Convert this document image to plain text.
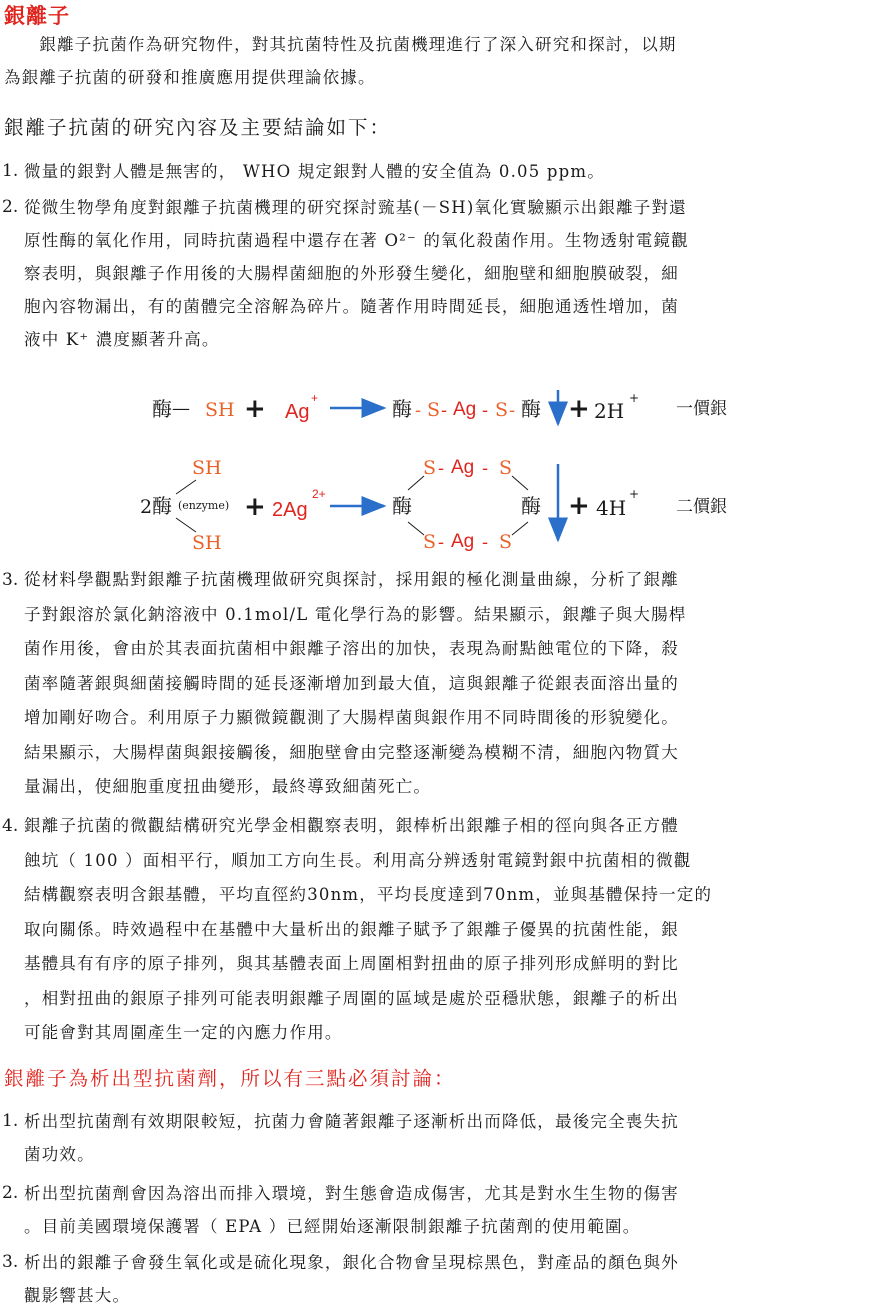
銀離子
　　銀離子抗菌作為研究物件，對其抗菌特性及抗菌機理進行了深入研究和探討，以期
為銀離子抗菌的研發和推廣應用提供理論依據。
銀離子抗菌的研究內容及主要結論如下：
1. 微量的銀對人體是無害的， WHO 規定銀對人體的安全值為 0.05 ppm。
2. 從微生物學角度對銀離子抗菌機理的研究探討巰基(－SH)氧化實驗顯示出銀離子對還
原性酶的氧化作用，同時抗菌過程中還存在著 O²⁻ 的氧化殺菌作用。生物透射電鏡觀
察表明，與銀離子作用後的大腸桿菌細胞的外形發生變化，細胞壁和細胞膜破裂，細
胞內容物漏出，有的菌體完全溶解為碎片。隨著作用時間延長，細胞通透性增加，菌
液中 K⁺ 濃度顯著升高。
酶 — SH + Ag
+	酶 - S - Ag - S - 酶 + 2H
+
一價銀
SH
2 酶 (enzyme)
SH
+ 2Ag
2+	酶	酶
S - Ag - S
S - Ag - S
+ 4H
+
二價銀
3. 從材料學觀點對銀離子抗菌機理做研究與探討，採用銀的極化測量曲線，分析了銀離
子對銀溶於氯化鈉溶液中 0.1mol/L 電化學行為的影響。結果顯示，銀離子與大腸桿
菌作用後，會由於其表面抗菌相中銀離子溶出的加快，表現為耐點蝕電位的下降，殺
菌率隨著銀與細菌接觸時間的延長逐漸增加到最大值，這與銀離子從銀表面溶出量的
增加剛好吻合。利用原子力顯微鏡觀測了大腸桿菌與銀作用不同時間後的形貌變化。
結果顯示，大腸桿菌與銀接觸後，細胞壁會由完整逐漸變為模糊不清，細胞內物質大
量漏出，使細胞重度扭曲變形，最終導致細菌死亡。
4. 銀離子抗菌的微觀結構研究光學金相觀察表明，銀棒析出銀離子相的徑向與各正方體
蝕坑（ 100 ）面相平行，順加工方向生長。利用高分辨透射電鏡對銀中抗菌相的微觀
結構觀察表明含銀基體，平均直徑約30nm，平均長度達到70nm，並與基體保持一定的
取向關係。時效過程中在基體中大量析出的銀離子賦予了銀離子優異的抗菌性能，銀
基體具有有序的原子排列，與其基體表面上周圍相對扭曲的原子排列形成鮮明的對比
，相對扭曲的銀原子排列可能表明銀離子周圍的區域是處於亞穩狀態，銀離子的析出
可能會對其周圍產生一定的內應力作用。
銀離子為析出型抗菌劑，所以有三點必須討論：
1. 析出型抗菌劑有效期限較短，抗菌力會隨著銀離子逐漸析出而降低，最後完全喪失抗
菌功效。
2. 析出型抗菌劑會因為溶出而排入環境，對生態會造成傷害，尤其是對水生生物的傷害
。目前美國環境保護署（ EPA ）已經開始逐漸限制銀離子抗菌劑的使用範圍。
3. 析出的銀離子會發生氧化或是硫化現象，銀化合物會呈現棕黑色，對產品的顏色與外
觀影響甚大。
